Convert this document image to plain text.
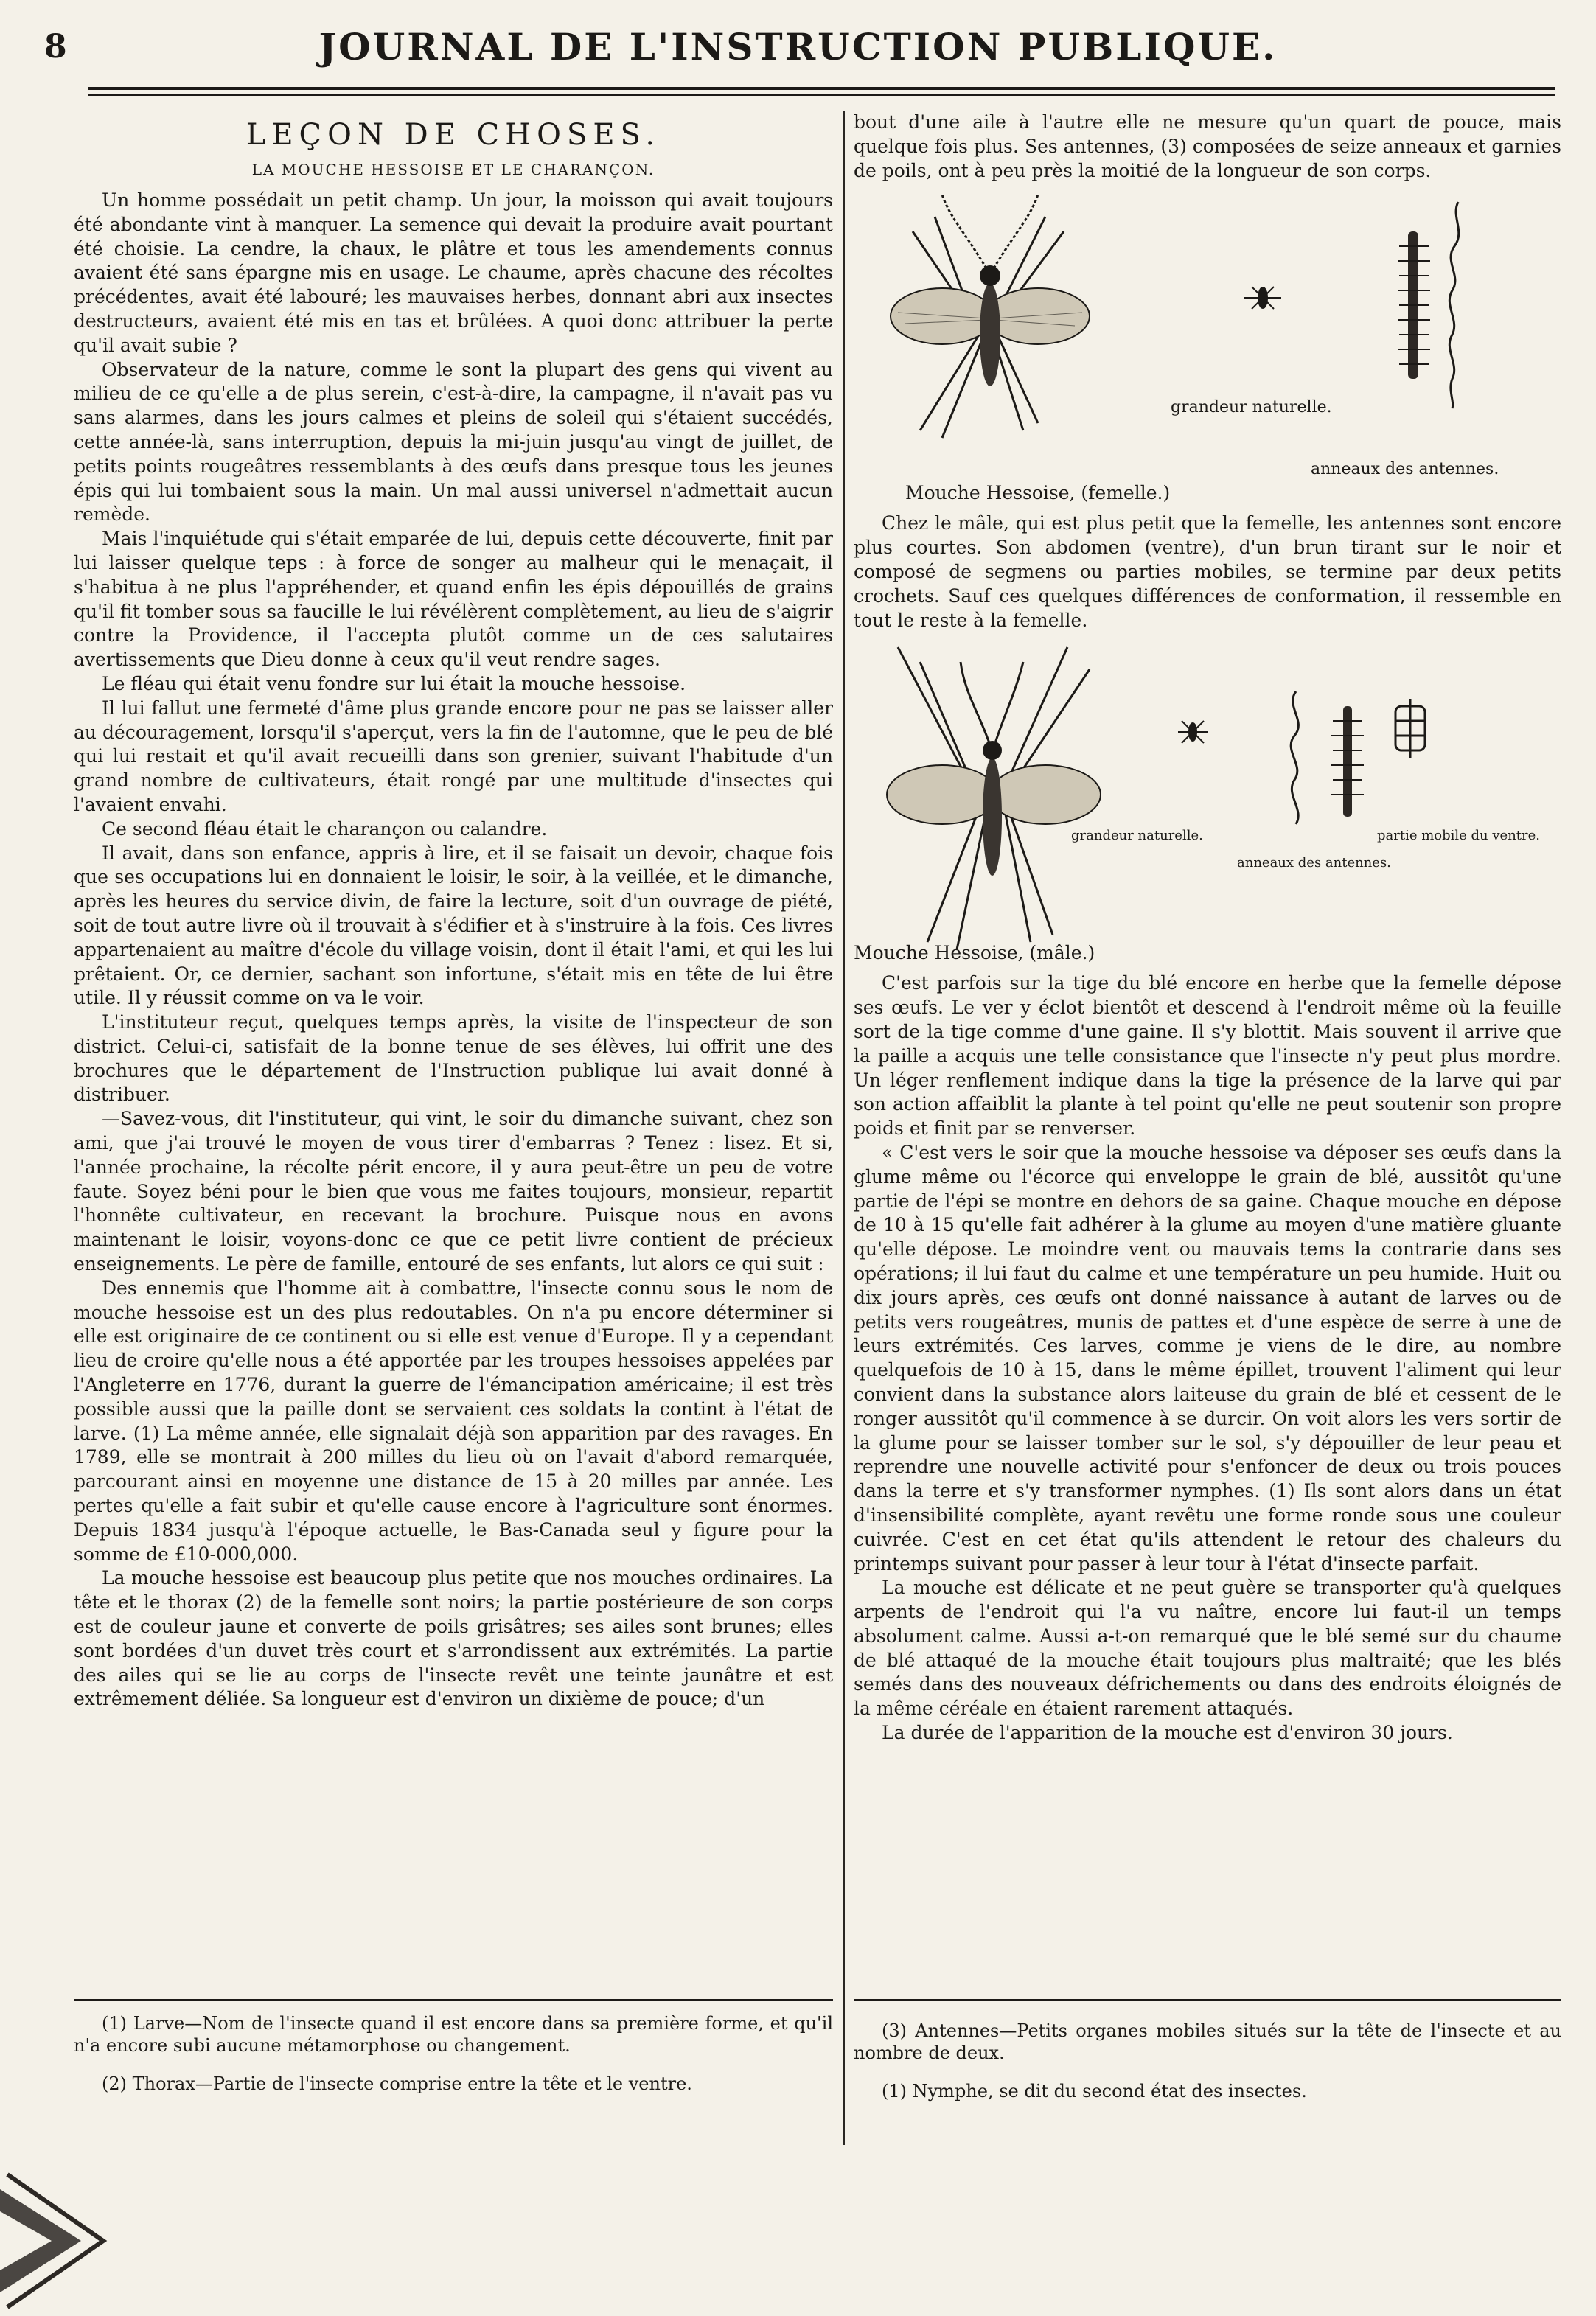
8	JOURNAL DE L'INSTRUCTION PUBLIQUE.
LEÇON DE CHOSES.
LA MOUCHE HESSOISE ET LE CHARANÇON.

Un homme possédait un petit champ. Un jour, la moisson qui avait toujours été abondante vint à manquer. La semence qui devait la produire avait pourtant été choisie. La cendre, la chaux, le plâtre et tous les amendements connus avaient été sans épargne mis en usage. Le chaume, après chacune des récoltes précédentes, avait été labouré; les mauvaises herbes, donnant abri aux insectes destructeurs, avaient été mis en tas et brûlées. A quoi donc attribuer la perte qu'il avait subie ?

Observateur de la nature, comme le sont la plupart des gens qui vivent au milieu de ce qu'elle a de plus serein, c'est-à-dire, la campagne, il n'avait pas vu sans alarmes, dans les jours calmes et pleins de soleil qui s'étaient succédés, cette année-là, sans interruption, depuis la mi-juin jusqu'au vingt de juillet, de petits points rougeâtres ressemblants à des œufs dans presque tous les jeunes épis qui lui tombaient sous la main. Un mal aussi universel n'admettait aucun remède.

Mais l'inquiétude qui s'était emparée de lui, depuis cette découverte, finit par lui laisser quelque teps : à force de songer au malheur qui le menaçait, il s'habitua à ne plus l'appréhender, et quand enfin les épis dépouillés de grains qu'il fit tomber sous sa faucille le lui révélèrent complètement, au lieu de s'aigrir contre la Providence, il l'accepta plutôt comme un de ces salutaires avertissements que Dieu donne à ceux qu'il veut rendre sages.

Le fléau qui était venu fondre sur lui était la mouche hessoise.

Il lui fallut une fermeté d'âme plus grande encore pour ne pas se laisser aller au découragement, lorsqu'il s'aperçut, vers la fin de l'automne, que le peu de blé qui lui restait et qu'il avait recueilli dans son grenier, suivant l'habitude d'un grand nombre de cultivateurs, était rongé par une multitude d'insectes qui l'avaient envahi.

Ce second fléau était le charançon ou calandre.

Il avait, dans son enfance, appris à lire, et il se faisait un devoir, chaque fois que ses occupations lui en donnaient le loisir, le soir, à la veillée, et le dimanche, après les heures du service divin, de faire la lecture, soit d'un ouvrage de piété, soit de tout autre livre où il trouvait à s'édifier et à s'instruire à la fois. Ces livres appartenaient au maître d'école du village voisin, dont il était l'ami, et qui les lui prêtaient. Or, ce dernier, sachant son infortune, s'était mis en tête de lui être utile. Il y réussit comme on va le voir.

L'instituteur reçut, quelques temps après, la visite de l'inspecteur de son district. Celui-ci, satisfait de la bonne tenue de ses élèves, lui offrit une des brochures que le département de l'Instruction publique lui avait donné à distribuer.

—Savez-vous, dit l'instituteur, qui vint, le soir du dimanche suivant, chez son ami, que j'ai trouvé le moyen de vous tirer d'embarras ? Tenez : lisez. Et si, l'année prochaine, la récolte périt encore, il y aura peut-être un peu de votre faute. Soyez béni pour le bien que vous me faites toujours, monsieur, repartit l'honnête cultivateur, en recevant la brochure. Puisque nous en avons maintenant le loisir, voyons-donc ce que ce petit livre contient de précieux enseignements. Le père de famille, entouré de ses enfants, lut alors ce qui suit :

Des ennemis que l'homme ait à combattre, l'insecte connu sous le nom de mouche hessoise est un des plus redoutables. On n'a pu encore déterminer si elle est originaire de ce continent ou si elle est venue d'Europe. Il y a cependant lieu de croire qu'elle nous a été apportée par les troupes hessoises appelées par l'Angleterre en 1776, durant la guerre de l'émancipation américaine; il est très possible aussi que la paille dont se servaient ces soldats la contint à l'état de larve. (1) La même année, elle signalait déjà son apparition par des ravages. En 1789, elle se montrait à 200 milles du lieu où on l'avait d'abord remarquée, parcourant ainsi en moyenne une distance de 15 à 20 milles par année. Les pertes qu'elle a fait subir et qu'elle cause encore à l'agriculture sont énormes. Depuis 1834 jusqu'à l'époque actuelle, le Bas-Canada seul y figure pour la somme de £10-000,000.

La mouche hessoise est beaucoup plus petite que nos mouches ordinaires. La tête et le thorax (2) de la femelle sont noirs; la partie postérieure de son corps est de couleur jaune et converte de poils grisâtres; ses ailes sont brunes; elles sont bordées d'un duvet très court et s'arrondissent aux extrémités. La partie des ailes qui se lie au corps de l'insecte revêt une teinte jaunâtre et est extrêmement déliée. Sa longueur est d'environ un dixième de pouce; d'un

bout d'une aile à l'autre elle ne mesure qu'un quart de pouce, mais quelque fois plus. Ses antennes, (3) composées de seize anneaux et garnies de poils, ont à peu près la moitié de la longueur de son corps.

grandeur naturelle.
anneaux des antennes.
Mouche Hessoise, (femelle.)

Chez le mâle, qui est plus petit que la femelle, les antennes sont encore plus courtes. Son abdomen (ventre), d'un brun tirant sur le noir et composé de segmens ou parties mobiles, se termine par deux petits crochets. Sauf ces quelques différences de conformation, il ressemble en tout le reste à la femelle.

grandeur naturelle.	partie mobile du ventre.
anneaux des antennes.
Mouche Hessoise, (mâle.)

C'est parfois sur la tige du blé encore en herbe que la femelle dépose ses œufs. Le ver y éclot bientôt et descend à l'endroit même où la feuille sort de la tige comme d'une gaine. Il s'y blottit. Mais souvent il arrive que la paille a acquis une telle consistance que l'insecte n'y peut plus mordre. Un léger renflement indique dans la tige la présence de la larve qui par son action affaiblit la plante à tel point qu'elle ne peut soutenir son propre poids et finit par se renverser.

« C'est vers le soir que la mouche hessoise va déposer ses œufs dans la glume même ou l'écorce qui enveloppe le grain de blé, aussitôt qu'une partie de l'épi se montre en dehors de sa gaine. Chaque mouche en dépose de 10 à 15 qu'elle fait adhérer à la glume au moyen d'une matière gluante qu'elle dépose. Le moindre vent ou mauvais tems la contrarie dans ses opérations; il lui faut du calme et une température un peu humide. Huit ou dix jours après, ces œufs ont donné naissance à autant de larves ou de petits vers rougeâtres, munis de pattes et d'une espèce de serre à une de leurs extrémités. Ces larves, comme je viens de le dire, au nombre quelquefois de 10 à 15, dans le même épillet, trouvent l'aliment qui leur convient dans la substance alors laiteuse du grain de blé et cessent de le ronger aussitôt qu'il commence à se durcir. On voit alors les vers sortir de la glume pour se laisser tomber sur le sol, s'y dépouiller de leur peau et reprendre une nouvelle activité pour s'enfoncer de deux ou trois pouces dans la terre et s'y transformer nymphes. (1) Ils sont alors dans un état d'insensibilité complète, ayant revêtu une forme ronde sous une couleur cuivrée. C'est en cet état qu'ils attendent le retour des chaleurs du printemps suivant pour passer à leur tour à l'état d'insecte parfait.

La mouche est délicate et ne peut guère se transporter qu'à quelques arpents de l'endroit qui l'a vu naître, encore lui faut-il un temps absolument calme. Aussi a-t-on remarqué que le blé semé sur du chaume de blé attaqué de la mouche était toujours plus maltraité; que les blés semés dans des nouveaux défrichements ou dans des endroits éloignés de la même céréale en étaient rarement attaqués.

La durée de l'apparition de la mouche est d'environ 30 jours.

(1) Larve—Nom de l'insecte quand il est encore dans sa première forme, et qu'il n'a encore subi aucune métamorphose ou changement.

(2) Thorax—Partie de l'insecte comprise entre la tête et le ventre.

(3) Antennes—Petits organes mobiles situés sur la tête de l'insecte et au nombre de deux.

(1) Nymphe, se dit du second état des insectes.
